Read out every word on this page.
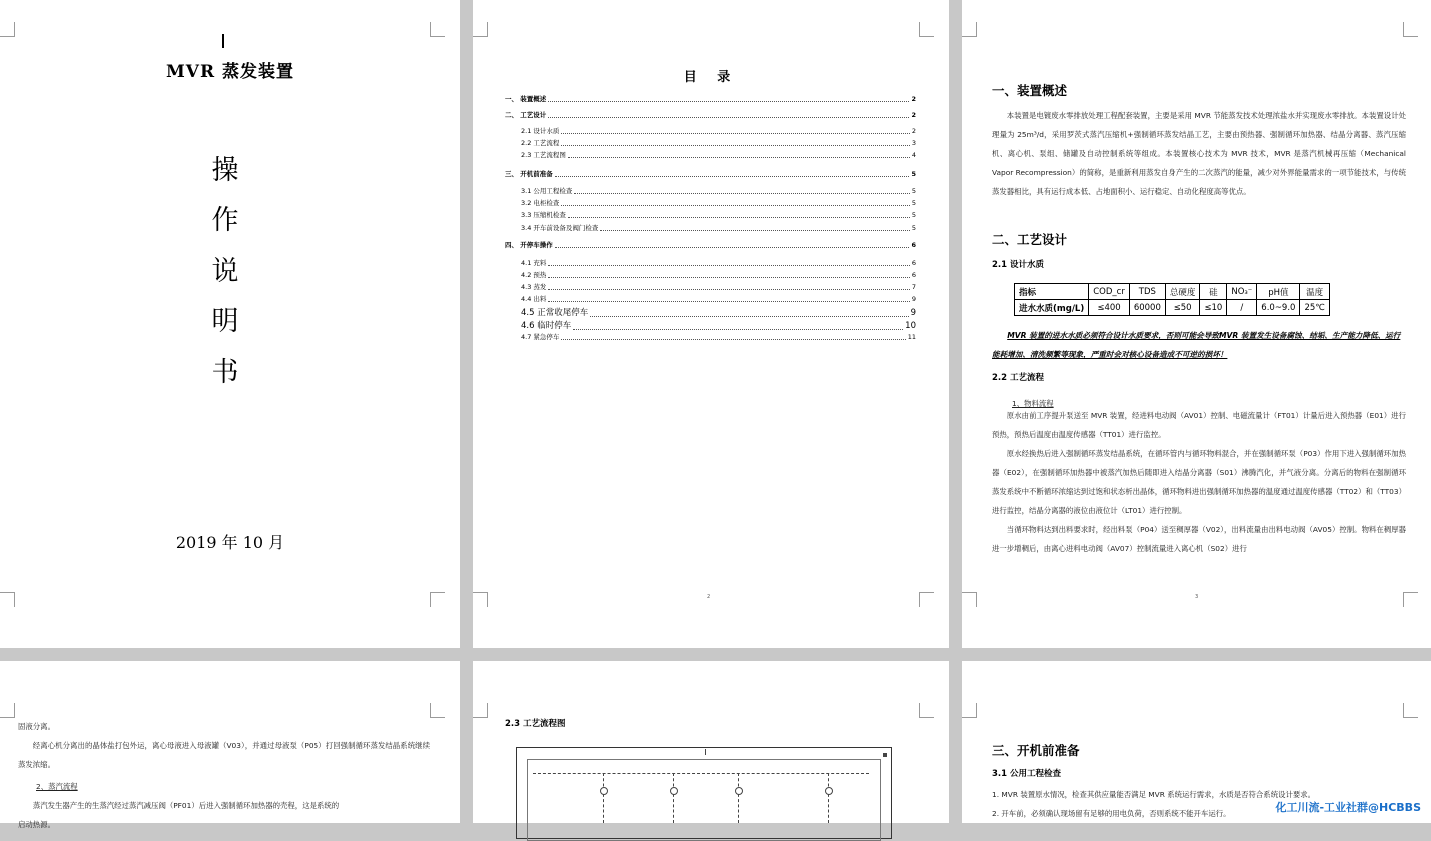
MVR 蒸发装置
操
作
说
明
书
2019 年 10 月
目 录
一、 装置概述	2
二、 工艺设计	2
2.1 设计水质	2
2.2 工艺流程	3
2.3 工艺流程图	4
三、 开机前准备	5
3.1 公用工程检查	5
3.2 电柜检查	5
3.3 压缩机检查	5
3.4 开车前设备及阀门检查	5
四、 开停车操作	6
4.1 充料	6
4.2 预热	6
4.3 蒸发	7
4.4 出料	9
4.5 正常收尾停车	9
4.6 临时停车	10
4.7 紧急停车	11
2
一、装置概述

本装置是电镀废水零排放处理工程配套装置，主要是采用 MVR 节能蒸发技术处理浓盐水并实现废水零排放。本装置设计处理量为 25m³/d，采用罗茨式蒸汽压缩机+强制循环蒸发结晶工艺，主要由预热器、强制循环加热器、结晶分离器、蒸汽压缩机、离心机、泵组、储罐及自动控制系统等组成。本装置核心技术为 MVR 技术，MVR 是蒸汽机械再压缩（Mechanical Vapor Recompression）的简称，是重新利用蒸发自身产生的二次蒸汽的能量，减少对外界能量需求的一项节能技术，与传统蒸发器相比，具有运行成本低、占地面积小、运行稳定、自动化程度高等优点。

二、工艺设计
2.1 设计水质
指标	COD_cr	TDS	总硬度	硅	NO₃⁻	pH值	温度
进水水质(mg/L)	≤400	60000	≤50	≤10	/	6.0~9.0	25℃

MVR 装置的进水水质必须符合设计水质要求，否则可能会导致MVR 装置发生设备腐蚀、结垢、生产能力降低、运行能耗增加、清洗频繁等现象，严重时会对核心设备造成不可逆的损坏！

2.2 工艺流程
1、物料流程

原水由前工序提升泵送至 MVR 装置，经进料电动阀（AV01）控制、电磁流量计（FT01）计量后进入预热器（E01）进行预热，预热后温度由温度传感器（TT01）进行监控。

原水经换热后进入强制循环蒸发结晶系统，在循环管内与循环物料混合，并在强制循环泵（P03）作用下进入强制循环加热器（E02），在强制循环加热器中被蒸汽加热后随即进入结晶分离器（S01）沸腾汽化，并气液分离。分离后的物料在强制循环蒸发系统中不断循环浓缩达到过饱和状态析出晶体，循环物料进出强制循环加热器的温度通过温度传感器（TT02）和（TT03）进行监控，结晶分离器的液位由液位计（LT01）进行控制。

当循环物料达到出料要求时，经出料泵（P04）送至稠厚器（V02），出料流量由出料电动阀（AV05）控制。物料在稠厚器进一步增稠后，由离心进料电动阀（AV07）控制流量进入离心机（S02）进行

3

固液分离。

经离心机分离出的晶体盐打包外运，离心母液进入母液罐（V03），并通过母液泵（P05）打回强制循环蒸发结晶系统继续蒸发浓缩。

2、蒸汽流程

蒸汽发生器产生的生蒸汽经过蒸汽减压阀（PF01）后进入强制循环加热器的壳程，这是系统的

启动热源。

2.3 工艺流程图
三、开机前准备
3.1 公用工程检查

1. MVR 装置原水情况，检查其供应量能否满足 MVR 系统运行需求，水质是否符合系统设计要求。

2. 开车前，必须确认现场留有足够的用电负荷，否则系统不能开车运行。	化工川流-工业社群@HCBBS
